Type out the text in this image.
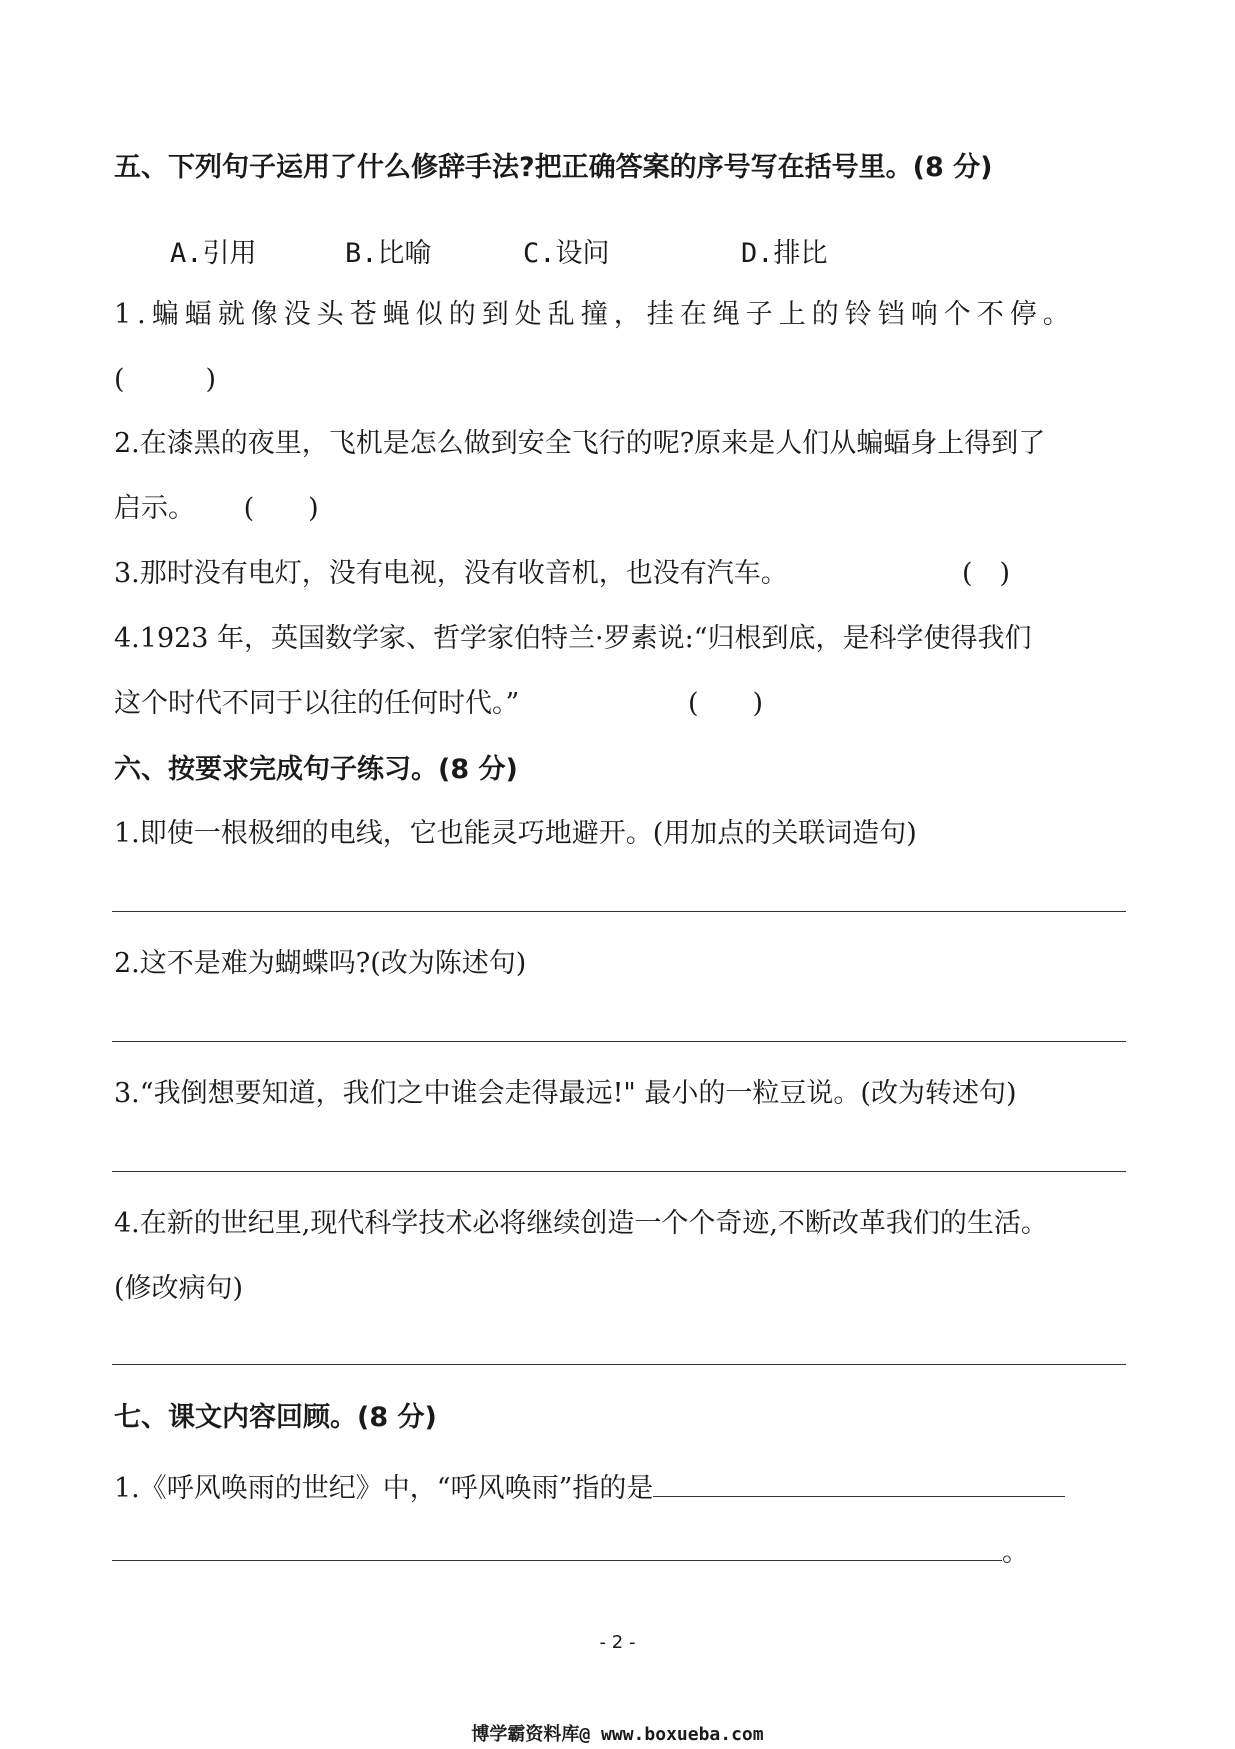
五、下列句子运用了什么修辞手法?把正确答案的序号写在括号里。(8 分)
A.引用	B.比喻	C.设问	D.排比
1.蝙蝠就像没头苍蝇似的到处乱撞，挂在绳子上的铃铛响个不停。
(　　　)
2.在漆黑的夜里，飞机是怎么做到安全飞行的呢?原来是人们从蝙蝠身上得到了
启示。 (　　)
3.那时没有电灯，没有电视，没有收音机，也没有汽车。	(　)
4.1923 年，英国数学家、哲学家伯特兰·罗素说:“归根到底，是科学使得我们
这个时代不同于以往的任何时代。”	(　　)
六、按要求完成句子练习。(8 分)
1.即使一根极细的电线，它也能灵巧地避开。(用加点的关联词造句)
2.这不是难为蝴蝶吗?(改为陈述句)
3.“我倒想要知道，我们之中谁会走得最远!" 最小的一粒豆说。(改为转述句)
4.在新的世纪里,现代科学技术必将继续创造一个个奇迹,不断改革我们的生活。
(修改病句)
七、课文内容回顾。(8 分)
1.《呼风唤雨的世纪》中，“呼风唤雨”指的是
。
- 2 -
博学霸资料库@ www.boxueba.com
